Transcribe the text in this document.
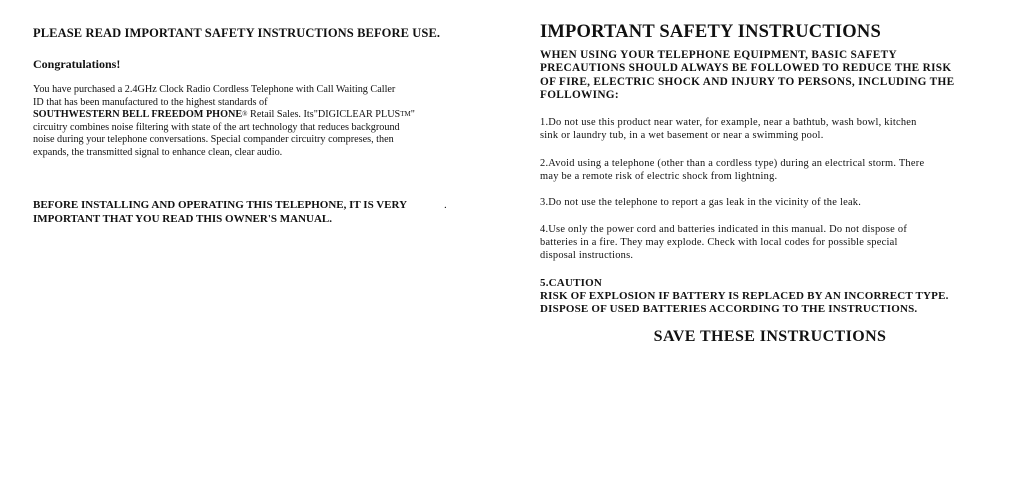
PLEASE READ IMPORTANT SAFETY INSTRUCTIONS BEFORE USE.
Congratulations!
You have purchased a 2.4GHz Clock Radio Cordless Telephone with Call Waiting Caller
ID that has been manufactured to the highest standards of
SOUTHWESTERN BELL FREEDOM PHONE® Retail Sales. Its"DIGICLEAR PLUS™"
circuitry combines noise filtering with state of the art technology that reduces background
noise during your telephone conversations. Special compander circuitry compreses, then
expands, the transmitted signal to enhance clean, clear audio.
BEFORE INSTALLING AND OPERATING THIS TELEPHONE, IT IS VERY
IMPORTANT THAT YOU READ THIS OWNER'S MANUAL.
.
IMPORTANT SAFETY INSTRUCTIONS
WHEN USING YOUR TELEPHONE EQUIPMENT, BASIC SAFETY
PRECAUTIONS SHOULD ALWAYS BE FOLLOWED TO REDUCE THE RISK
OF FIRE, ELECTRIC SHOCK AND INJURY TO PERSONS, INCLUDING THE
FOLLOWING:
1.Do not use this product near water, for example, near a bathtub, wash bowl, kitchen
sink or laundry tub, in a wet basement or near a swimming pool.
2.Avoid using a telephone (other than a cordless type) during an electrical storm. There
may be a remote risk of electric shock from lightning.
3.Do not use the telephone to report a gas leak in the vicinity of the leak.
4.Use only the power cord and batteries indicated in this manual. Do not dispose of
batteries in a fire. They may explode. Check with local codes for possible special
disposal instructions.
5.CAUTION
RISK OF EXPLOSION IF BATTERY IS REPLACED BY AN INCORRECT TYPE.
DISPOSE OF USED BATTERIES ACCORDING TO THE INSTRUCTIONS.
SAVE THESE INSTRUCTIONS
